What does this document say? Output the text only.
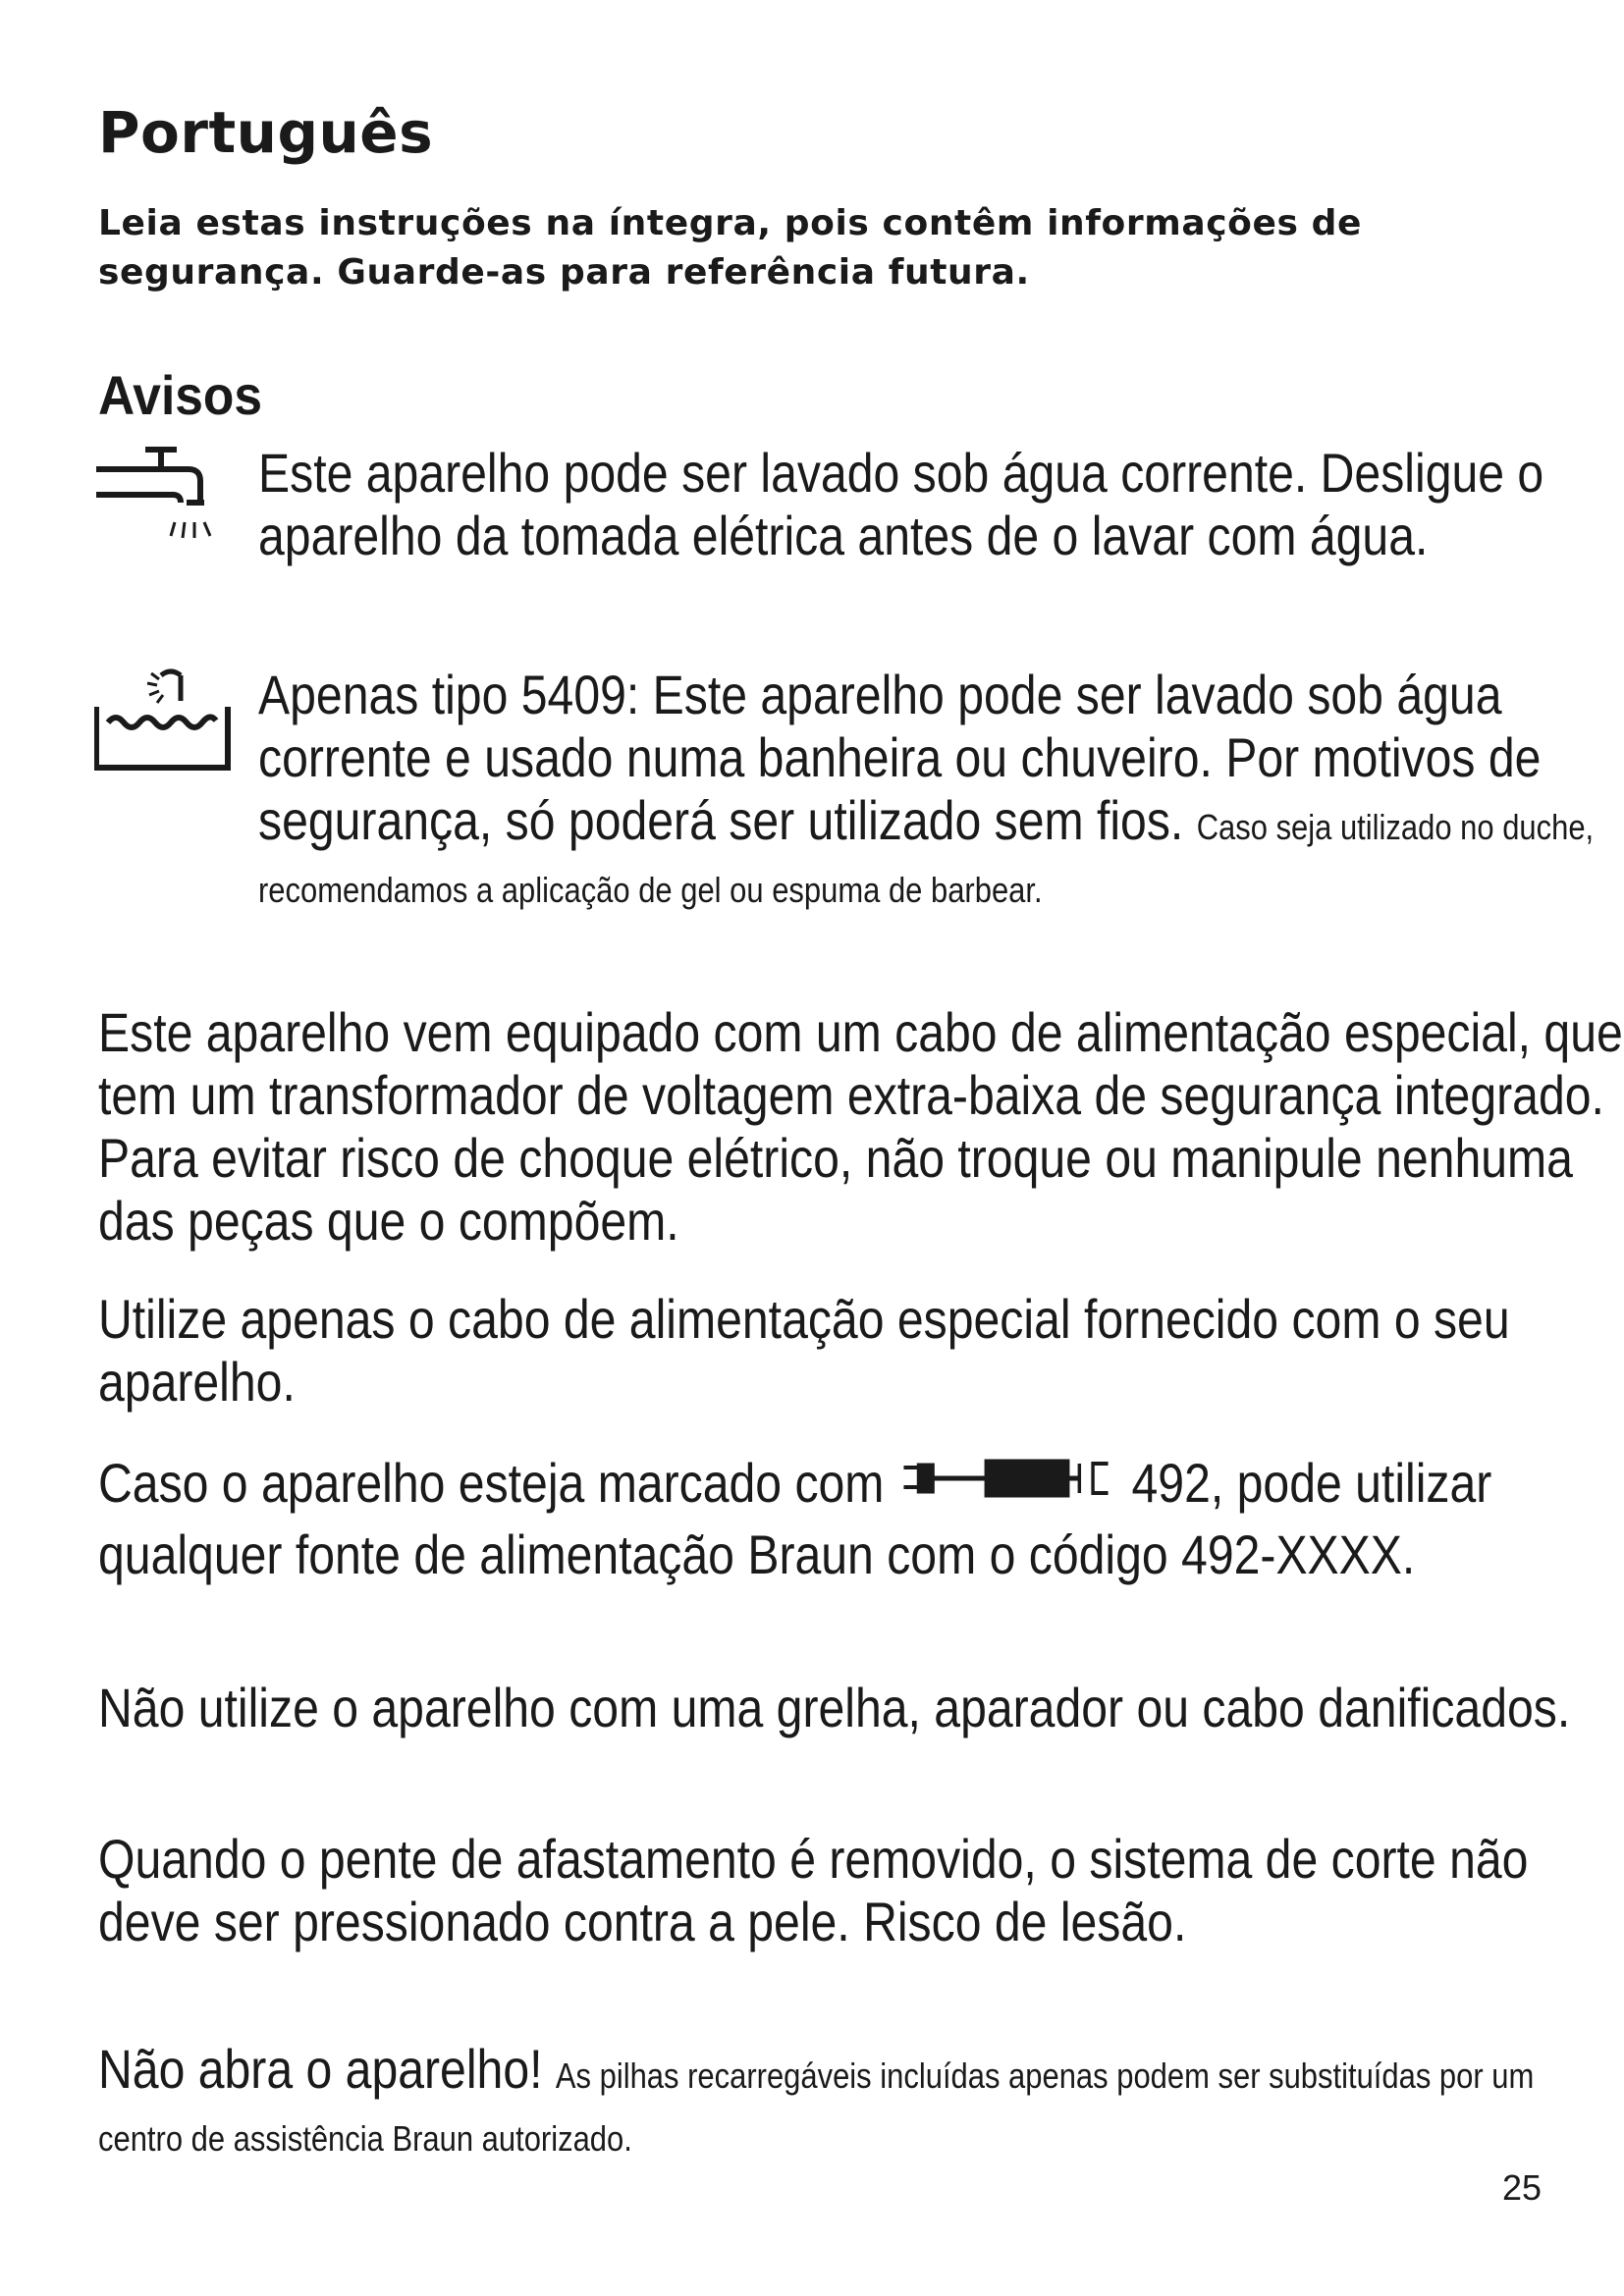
Português

Leia estas instruções na íntegra, pois contêm informações de segurança. Guarde-as para referência futura.

Avisos

Este aparelho pode ser lavado sob água corrente. Desligue o aparelho da tomada elétrica antes de o lavar com água.

Apenas tipo 5409: Este aparelho pode ser lavado sob água corrente e usado numa banheira ou chuveiro. Por motivos de segurança, só poderá ser utilizado sem fios. Caso seja utilizado no duche, recomendamos a aplicação de gel ou espuma de barbear.

Este aparelho vem equipado com um cabo de alimentação especial, que tem um transformador de voltagem extra-baixa de segurança integrado. Para evitar risco de choque elétrico, não troque ou manipule nenhuma das peças que o compõem.

Utilize apenas o cabo de alimentação especial fornecido com o seu aparelho.

Caso o aparelho esteja marcado com	492, pode utilizar qualquer fonte de alimentação Braun com o código 492-XXXX.

Não utilize o aparelho com uma grelha, aparador ou cabo danificados.

Quando o pente de afastamento é removido, o sistema de corte não deve ser pressionado contra a pele. Risco de lesão.

Não abra o aparelho! As pilhas recarregáveis incluídas apenas podem ser substituídas por um centro de assistência Braun autorizado.

25
